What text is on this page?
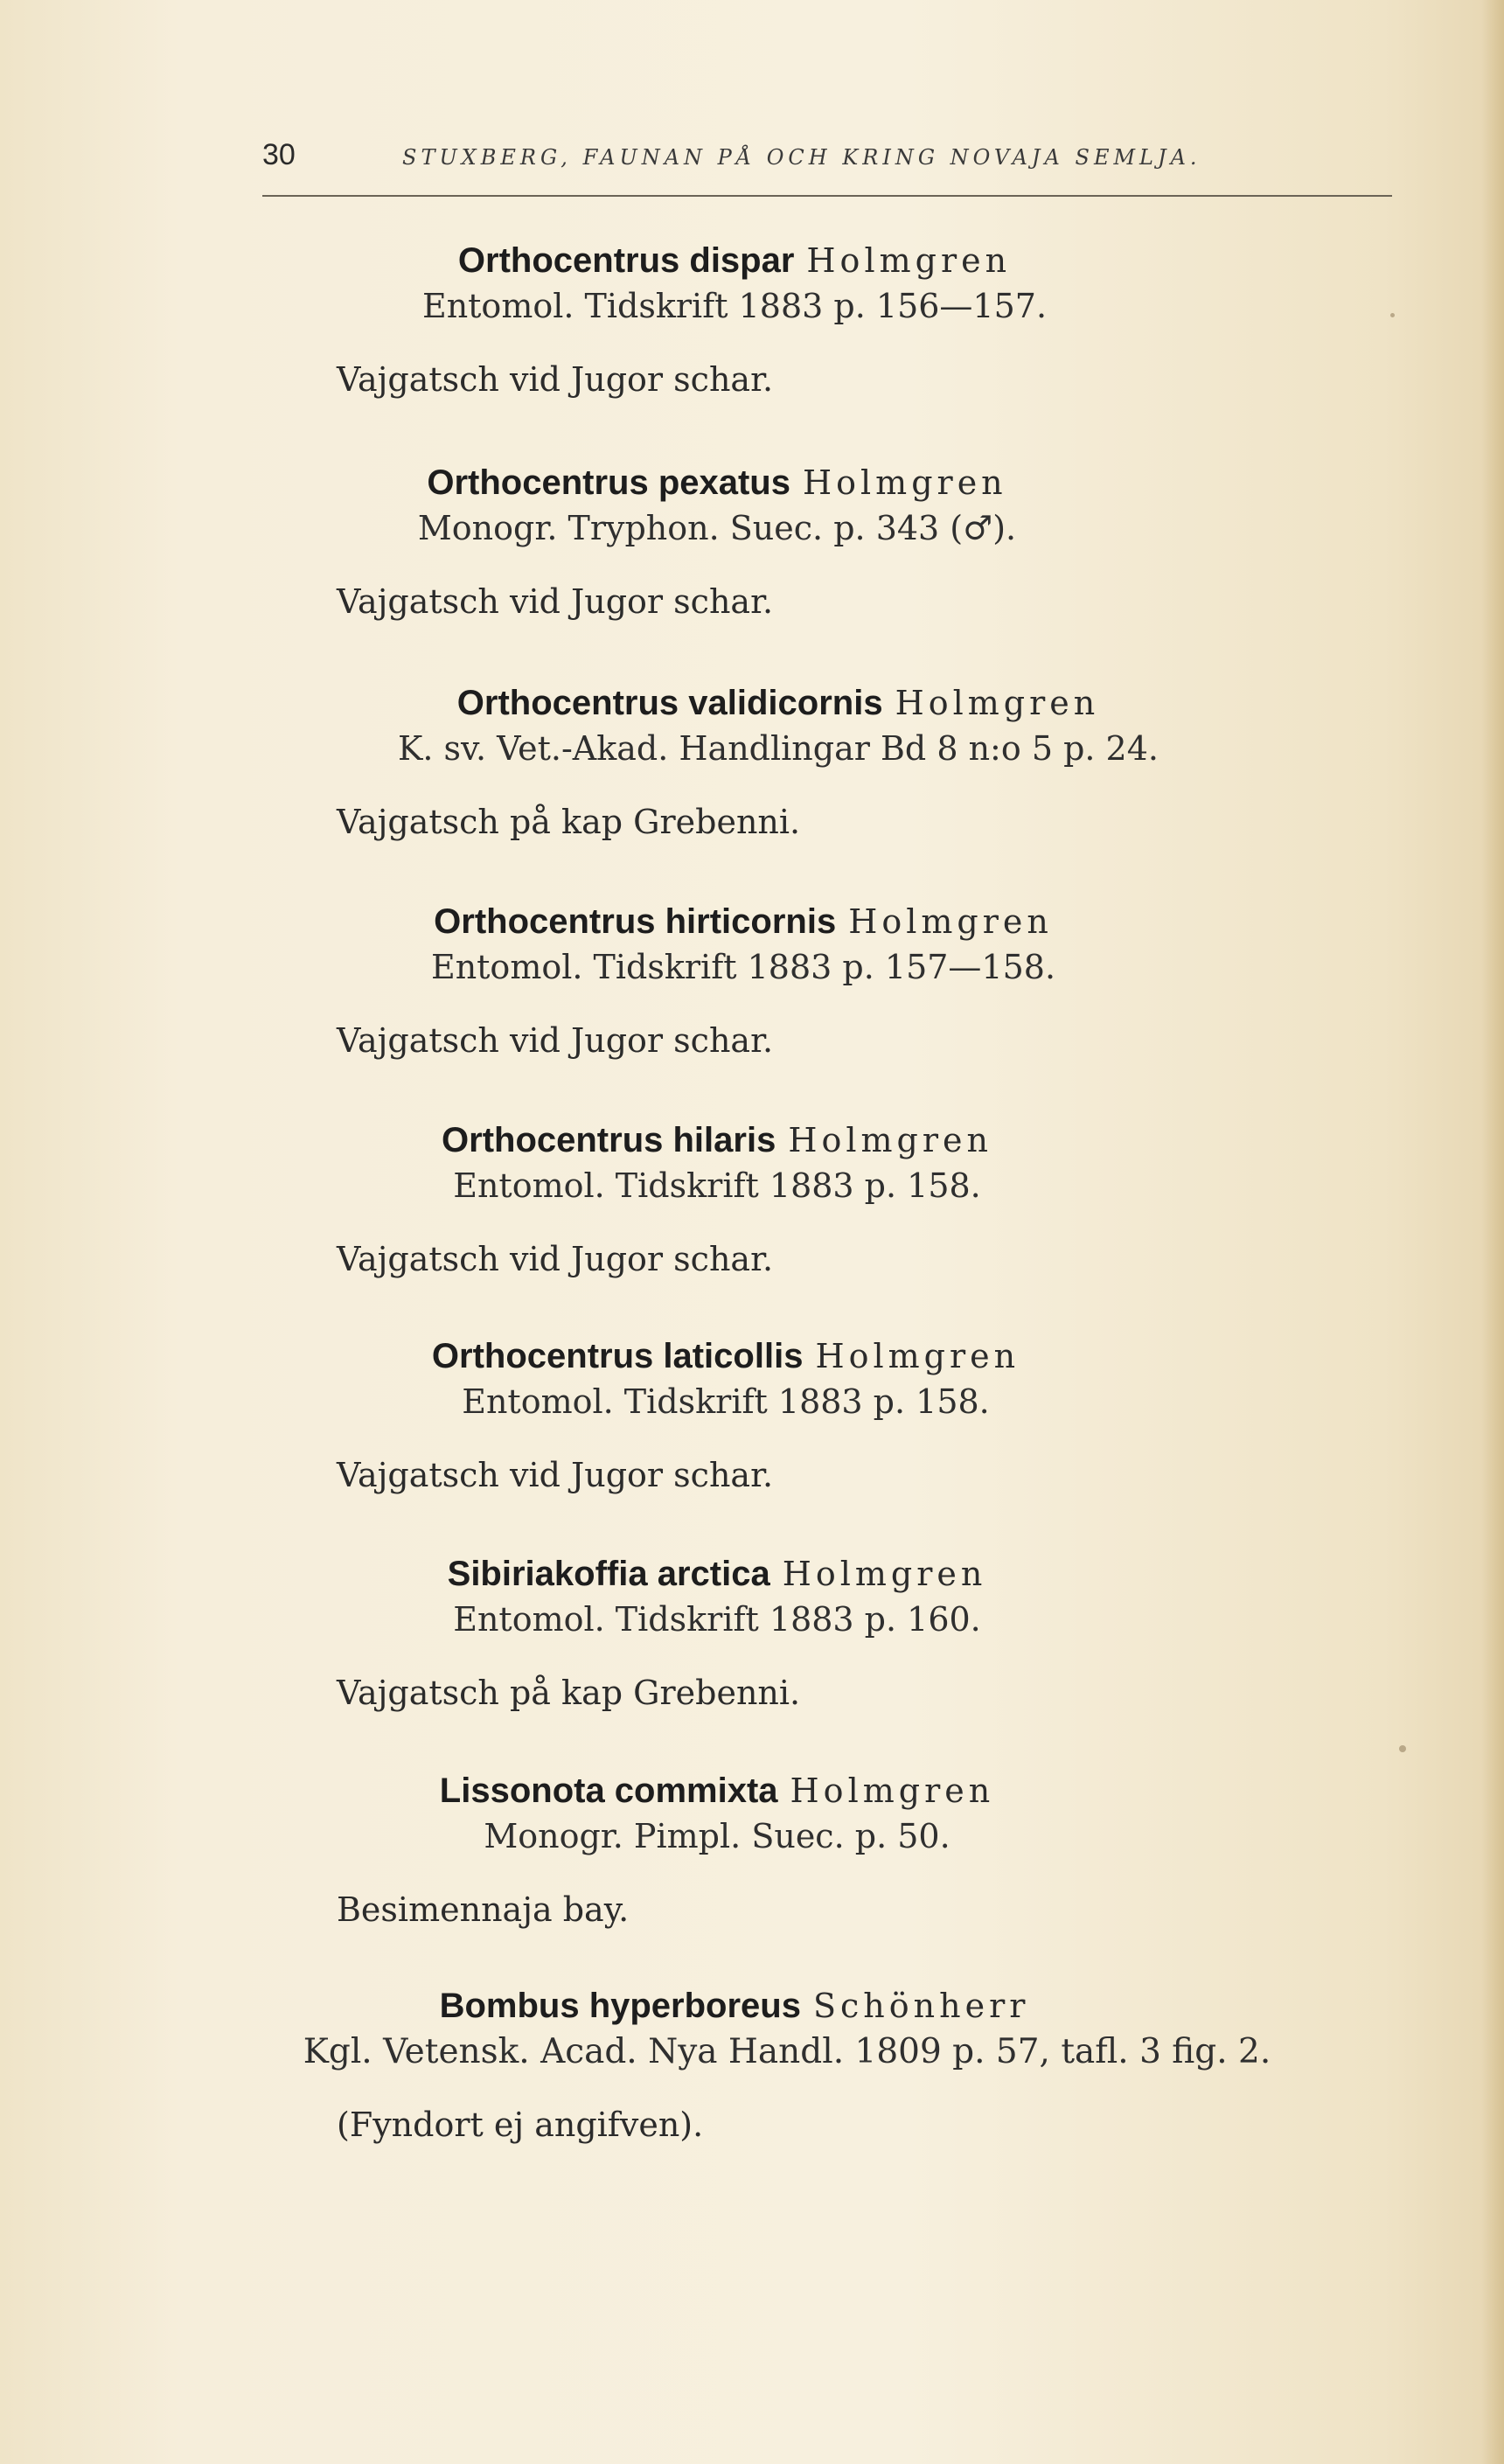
30	STUXBERG, FAUNAN PÅ OCH KRING NOVAJA SEMLJA.
Orthocentrus dispar Holmgren
Entomol. Tidskrift 1883 p. 156—157.
Vajgatsch vid Jugor schar.
Orthocentrus pexatus Holmgren
Monogr. Tryphon. Suec. p. 343 (♂).
Vajgatsch vid Jugor schar.
Orthocentrus validicornis Holmgren
K. sv. Vet.-Akad. Handlingar Bd 8 n:o 5 p. 24.
Vajgatsch på kap Grebenni.
Orthocentrus hirticornis Holmgren
Entomol. Tidskrift 1883 p. 157—158.
Vajgatsch vid Jugor schar.
Orthocentrus hilaris Holmgren
Entomol. Tidskrift 1883 p. 158.
Vajgatsch vid Jugor schar.
Orthocentrus laticollis Holmgren
Entomol. Tidskrift 1883 p. 158.
Vajgatsch vid Jugor schar.
Sibiriakoffia arctica Holmgren
Entomol. Tidskrift 1883 p. 160.
Vajgatsch på kap Grebenni.
Lissonota commixta Holmgren
Monogr. Pimpl. Suec. p. 50.
Besimennaja bay.
Bombus hyperboreus Schönherr
Kgl. Vetensk. Acad. Nya Handl. 1809 p. 57, tafl. 3 fig. 2.
(Fyndort ej angifven).
